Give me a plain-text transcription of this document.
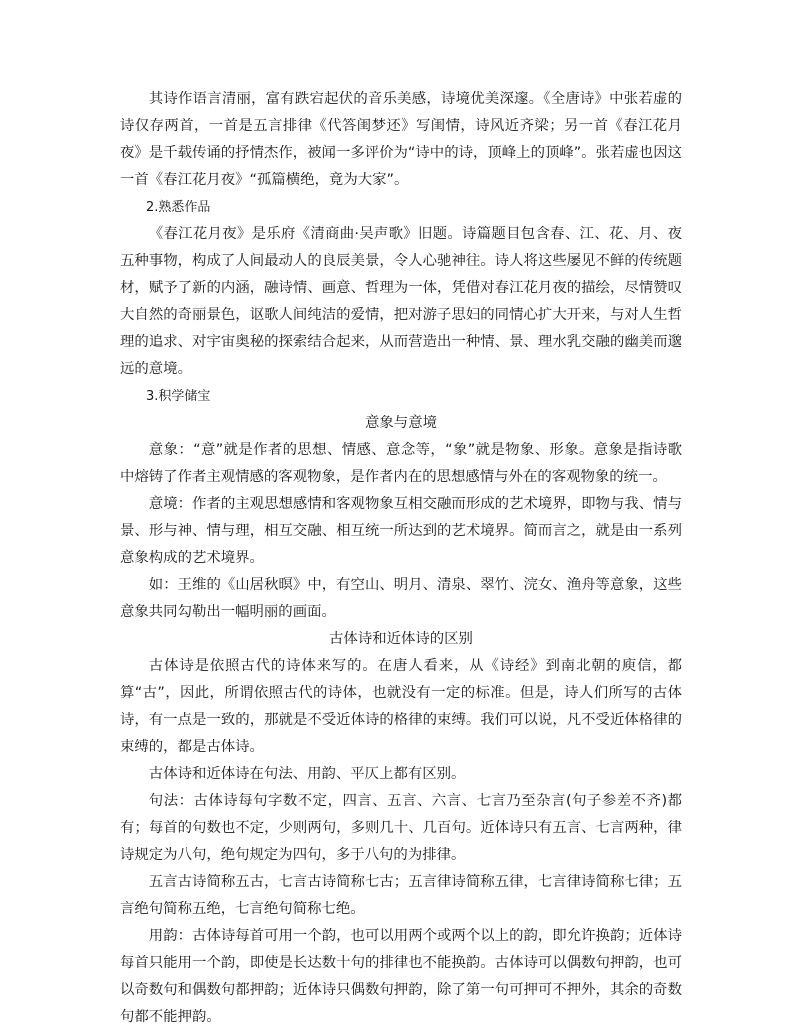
其诗作语言清丽，富有跌宕起伏的音乐美感，诗境优美深邃。《全唐诗》中张若虚的诗仅存两首，一首是五言排律《代答闺梦还》写闺情，诗风近齐梁；另一首《春江花月夜》是千载传诵的抒情杰作，被闻一多评价为“诗中的诗，顶峰上的顶峰”。张若虚也因这一首《春江花月夜》“孤篇横绝，竟为大家”。

2.熟悉作品

《春江花月夜》是乐府《清商曲·吴声歌》旧题。诗篇题目包含春、江、花、月、夜五种事物，构成了人间最动人的良辰美景，令人心驰神往。诗人将这些屡见不鲜的传统题材，赋予了新的内涵，融诗情、画意、哲理为一体，凭借对春江花月夜的描绘，尽情赞叹大自然的奇丽景色，讴歌人间纯洁的爱情，把对游子思妇的同情心扩大开来，与对人生哲理的追求、对宇宙奥秘的探索结合起来，从而营造出一种情、景、理水乳交融的幽美而邈远的意境。

3.积学储宝

意象与意境

意象：“意”就是作者的思想、情感、意念等，“象”就是物象、形象。意象是指诗歌中熔铸了作者主观情感的客观物象，是作者内在的思想感情与外在的客观物象的统一。

意境：作者的主观思想感情和客观物象互相交融而形成的艺术境界，即物与我、情与景、形与神、情与理，相互交融、相互统一所达到的艺术境界。简而言之，就是由一系列意象构成的艺术境界。

如：王维的《山居秋暝》中，有空山、明月、清泉、翠竹、浣女、渔舟等意象，这些意象共同勾勒出一幅明丽的画面。

古体诗和近体诗的区别

古体诗是依照古代的诗体来写的。在唐人看来，从《诗经》到南北朝的庾信，都算“古”，因此，所谓依照古代的诗体，也就没有一定的标准。但是，诗人们所写的古体诗，有一点是一致的，那就是不受近体诗的格律的束缚。我们可以说，凡不受近体格律的束缚的，都是古体诗。

古体诗和近体诗在句法、用韵、平仄上都有区别。

句法：古体诗每句字数不定，四言、五言、六言、七言乃至杂言(句子参差不齐)都有；每首的句数也不定，少则两句，多则几十、几百句。近体诗只有五言、七言两种，律诗规定为八句，绝句规定为四句，多于八句的为排律。

五言古诗简称五古，七言古诗简称七古；五言律诗简称五律，七言律诗简称七律；五言绝句简称五绝，七言绝句简称七绝。

用韵：古体诗每首可用一个韵，也可以用两个或两个以上的韵，即允许换韵；近体诗每首只能用一个韵，即使是长达数十句的排律也不能换韵。古体诗可以偶数句押韵，也可以奇数句和偶数句都押韵；近体诗只偶数句押韵，除了第一句可押可不押外，其余的奇数句都不能押韵。
